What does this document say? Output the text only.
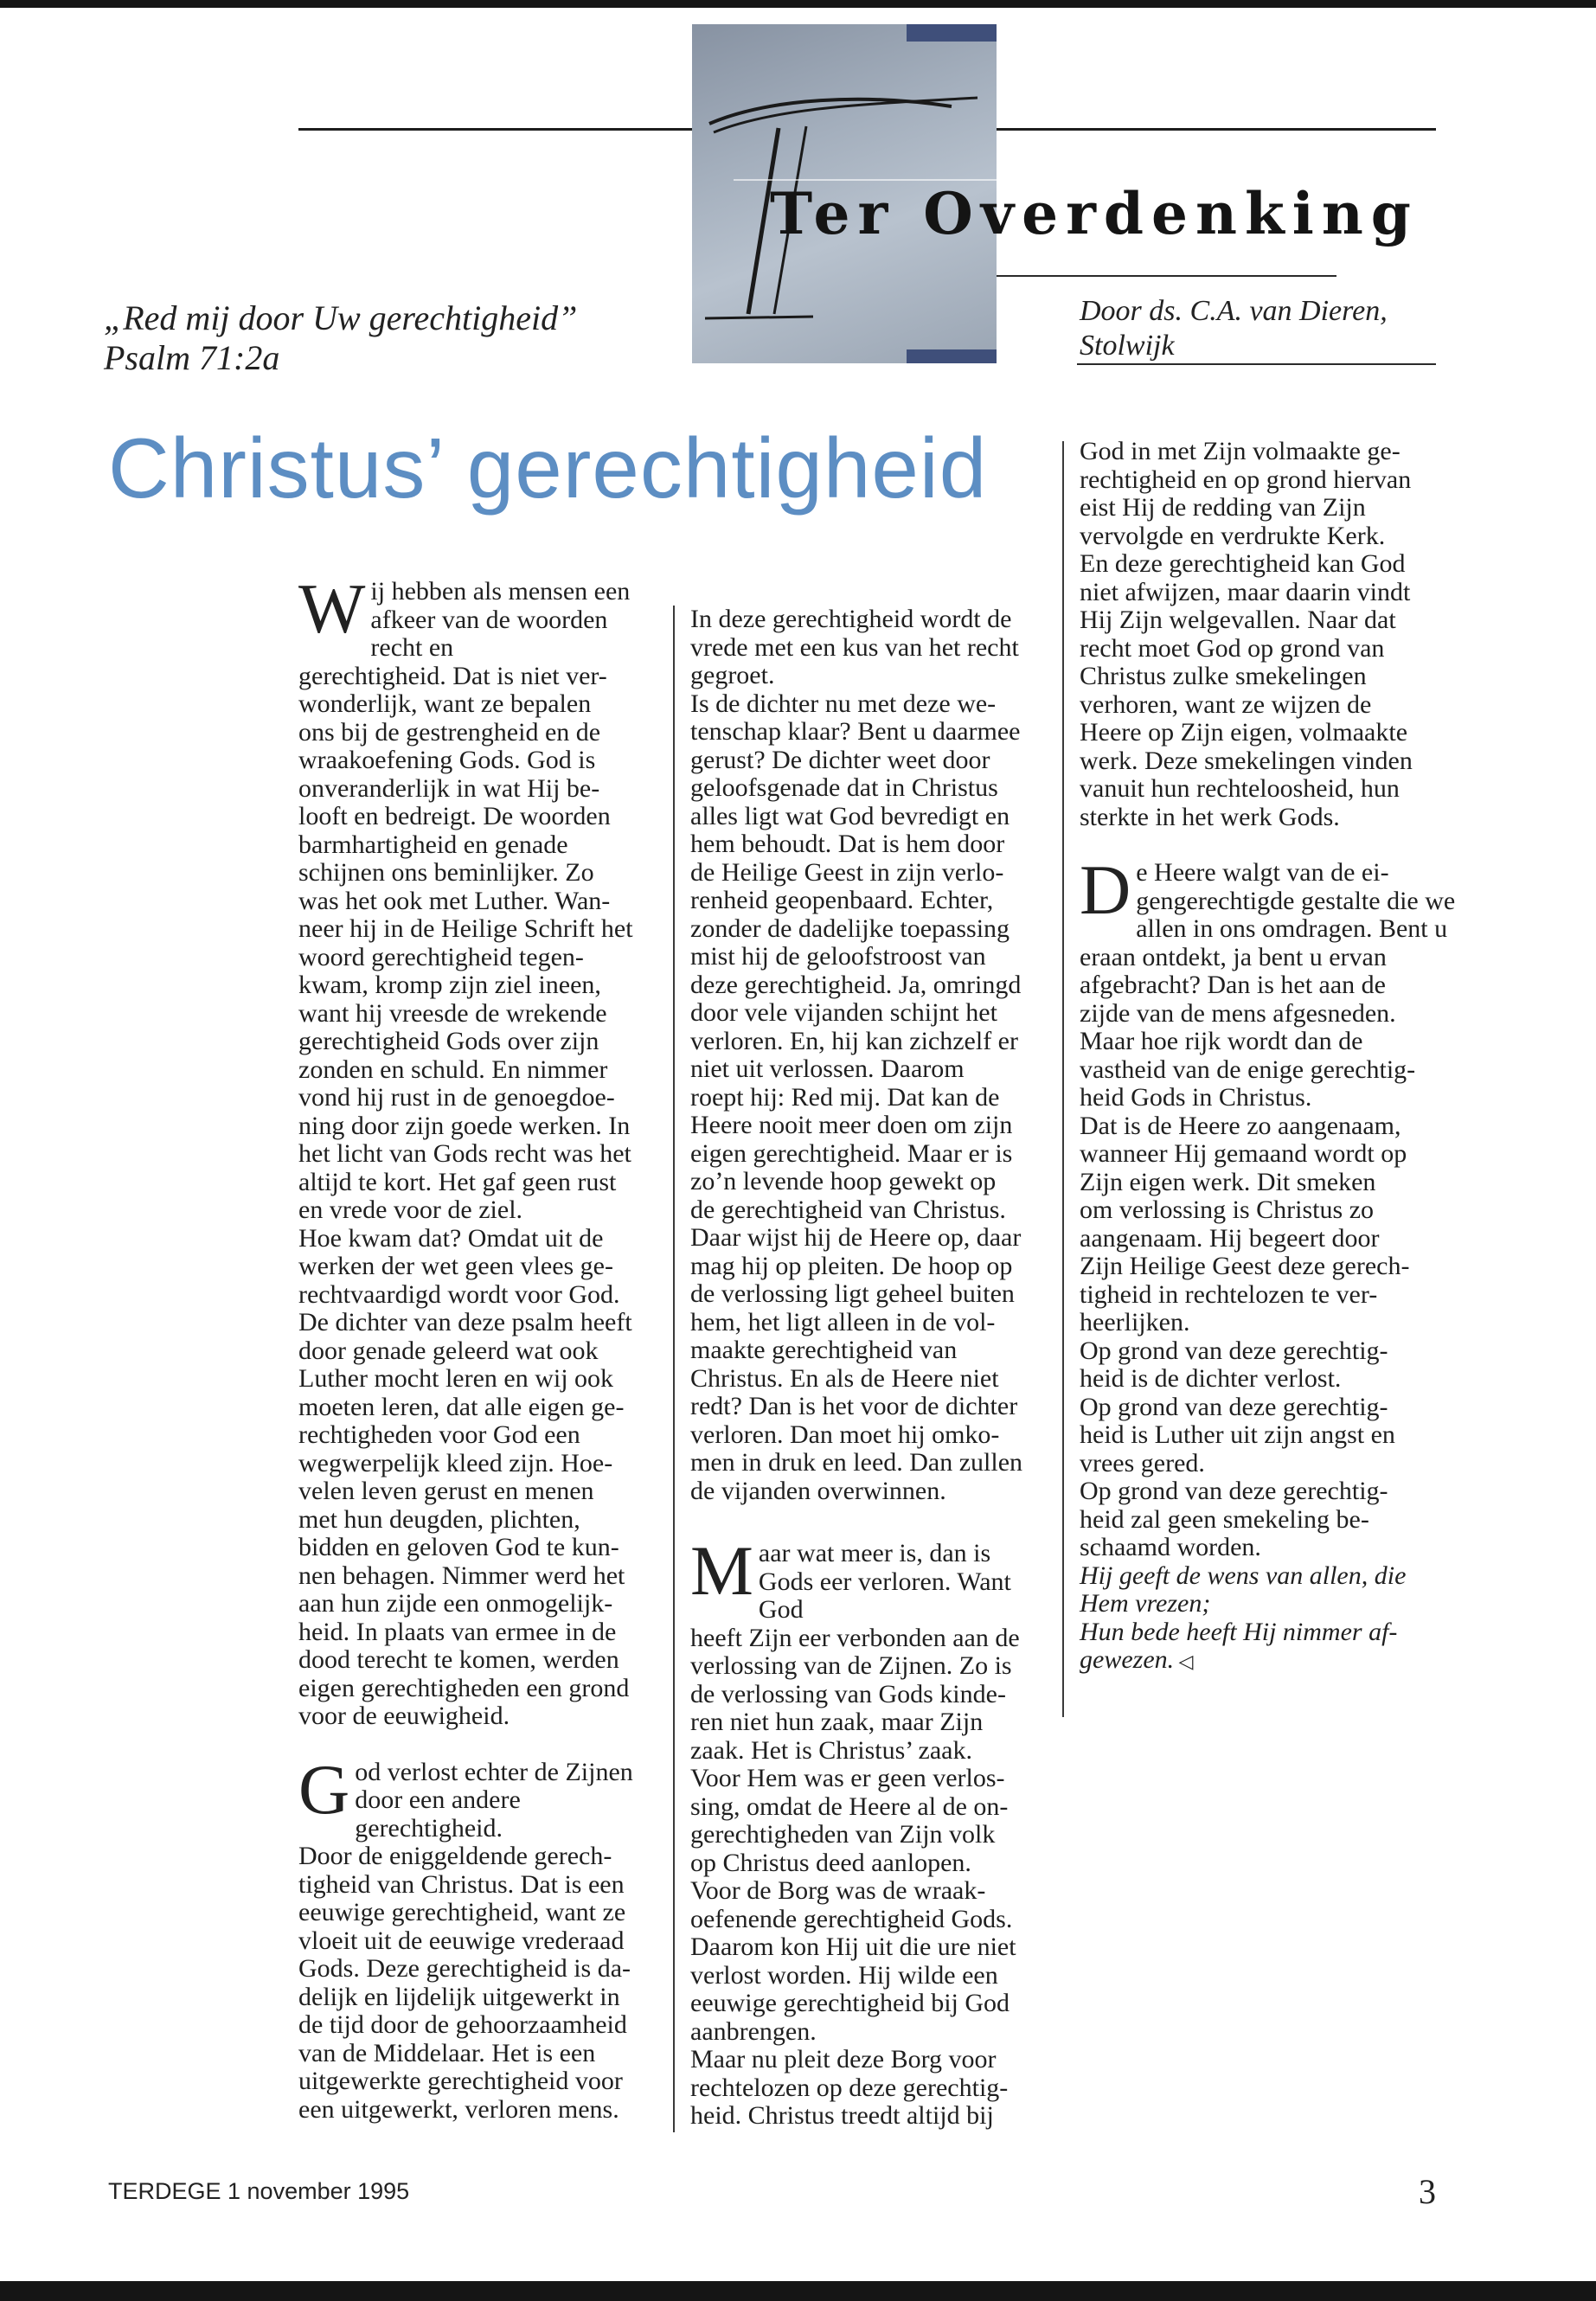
Ter Overdenking
„Red mij door Uw gerechtigheid”
Psalm 71:2a
Door ds. C.A. van Dieren,
Stolwijk
Christus’ gerechtigheid

Wij hebben als mensen een
afkeer van de woorden recht en
gerechtigheid. Dat is niet ver-
wonderlijk, want ze bepalen
ons bij de gestrengheid en de
wraakoefening Gods. God is
onveranderlijk in wat Hij be-
looft en bedreigt. De woorden
barmhartigheid en genade
schijnen ons beminlijker. Zo
was het ook met Luther. Wan-
neer hij in de Heilige Schrift het
woord gerechtigheid tegen-
kwam, kromp zijn ziel ineen,
want hij vreesde de wrekende
gerechtigheid Gods over zijn
zonden en schuld. En nimmer
vond hij rust in de genoegdoe-
ning door zijn goede werken. In
het licht van Gods recht was het
altijd te kort. Het gaf geen rust
en vrede voor de ziel.
Hoe kwam dat? Omdat uit de
werken der wet geen vlees ge-
rechtvaardigd wordt voor God.
De dichter van deze psalm heeft
door genade geleerd wat ook
Luther mocht leren en wij ook
moeten leren, dat alle eigen ge-
rechtigheden voor God een
wegwerpelijk kleed zijn. Hoe-
velen leven gerust en menen
met hun deugden, plichten,
bidden en geloven God te kun-
nen behagen. Nimmer werd het
aan hun zijde een onmogelijk-
heid. In plaats van ermee in de
dood terecht te komen, werden
eigen gerechtigheden een grond
voor de eeuwigheid.

God verlost echter de Zijnen
door een andere gerechtigheid.
Door de eniggeldende gerech-
tigheid van Christus. Dat is een
eeuwige gerechtigheid, want ze
vloeit uit de eeuwige vrederaad
Gods. Deze gerechtigheid is da-
delijk en lijdelijk uitgewerkt in
de tijd door de gehoorzaamheid
van de Middelaar. Het is een
uitgewerkte gerechtigheid voor
een uitgewerkt, verloren mens.

In deze gerechtigheid wordt de
vrede met een kus van het recht
gegroet.
Is de dichter nu met deze we-
tenschap klaar? Bent u daarmee
gerust? De dichter weet door
geloofsgenade dat in Christus
alles ligt wat God bevredigt en
hem behoudt. Dat is hem door
de Heilige Geest in zijn verlo-
renheid geopenbaard. Echter,
zonder de dadelijke toepassing
mist hij de geloofstroost van
deze gerechtigheid. Ja, omringd
door vele vijanden schijnt het
verloren. En, hij kan zichzelf er
niet uit verlossen. Daarom
roept hij: Red mij. Dat kan de
Heere nooit meer doen om zijn
eigen gerechtigheid. Maar er is
zo’n levende hoop gewekt op
de gerechtigheid van Christus.
Daar wijst hij de Heere op, daar
mag hij op pleiten. De hoop op
de verlossing ligt geheel buiten
hem, het ligt alleen in de vol-
maakte gerechtigheid van
Christus. En als de Heere niet
redt? Dan is het voor de dichter
verloren. Dan moet hij omko-
men in druk en leed. Dan zullen
de vijanden overwinnen.

Maar wat meer is, dan is
Gods eer verloren. Want God
heeft Zijn eer verbonden aan de
verlossing van de Zijnen. Zo is
de verlossing van Gods kinde-
ren niet hun zaak, maar Zijn
zaak. Het is Christus’ zaak.
Voor Hem was er geen verlos-
sing, omdat de Heere al de on-
gerechtigheden van Zijn volk
op Christus deed aanlopen.
Voor de Borg was de wraak-
oefenende gerechtigheid Gods.
Daarom kon Hij uit die ure niet
verlost worden. Hij wilde een
eeuwige gerechtigheid bij God
aanbrengen.
Maar nu pleit deze Borg voor
rechtelozen op deze gerechtig-
heid. Christus treedt altijd bij

God in met Zijn volmaakte ge-
rechtigheid en op grond hiervan
eist Hij de redding van Zijn
vervolgde en verdrukte Kerk.
En deze gerechtigheid kan God
niet afwijzen, maar daarin vindt
Hij Zijn welgevallen. Naar dat
recht moet God op grond van
Christus zulke smekelingen
verhoren, want ze wijzen de
Heere op Zijn eigen, volmaakte
werk. Deze smekelingen vinden
vanuit hun rechteloosheid, hun
sterkte in het werk Gods.

De Heere walgt van de ei-
gengerechtigde gestalte die we
allen in ons omdragen. Bent u
eraan ontdekt, ja bent u ervan
afgebracht? Dan is het aan de
zijde van de mens afgesneden.
Maar hoe rijk wordt dan de
vastheid van de enige gerechtig-
heid Gods in Christus.
Dat is de Heere zo aangenaam,
wanneer Hij gemaand wordt op
Zijn eigen werk. Dit smeken
om verlossing is Christus zo
aangenaam. Hij begeert door
Zijn Heilige Geest deze gerech-
tigheid in rechtelozen te ver-
heerlijken.
Op grond van deze gerechtig-
heid is de dichter verlost.
Op grond van deze gerechtig-
heid is Luther uit zijn angst en
vrees gered.
Op grond van deze gerechtig-
heid zal geen smekeling be-
schaamd worden.

Hij geeft de wens van allen, die
Hem vrezen;
Hun bede heeft Hij nimmer af-
gewezen. ◁

TERDEGE 1 november 1995	3
